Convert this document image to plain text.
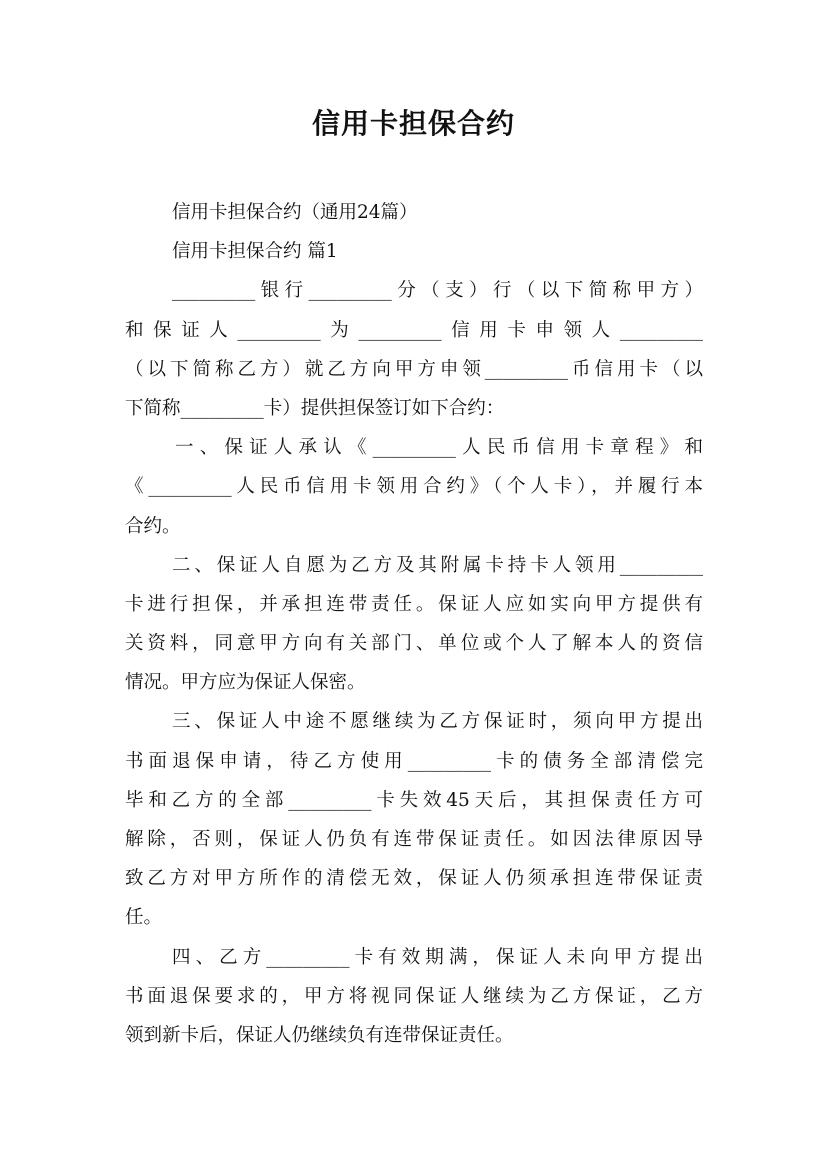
信用卡担保合约
信用卡担保合约（通用24篇）
信用卡担保合约 篇1
_________银行_________分（支）行（以下简称甲方）
和保证人_________为_________信用卡申领人_________
（以下简称乙方）就乙方向甲方申领_________币信用卡（以
下简称_________卡）提供担保签订如下合约：
一、保证人承认《_________人民币信用卡章程》和
《_________人民币信用卡领用合约》（个人卡），并履行本
合约。
二、保证人自愿为乙方及其附属卡持卡人领用_________
卡进行担保，并承担连带责任。保证人应如实向甲方提供有
关资料，同意甲方向有关部门、单位或个人了解本人的资信
情况。甲方应为保证人保密。
三、保证人中途不愿继续为乙方保证时，须向甲方提出
书面退保申请，待乙方使用_________卡的债务全部清偿完
毕和乙方的全部_________卡失效45天后，其担保责任方可
解除，否则，保证人仍负有连带保证责任。如因法律原因导
致乙方对甲方所作的清偿无效，保证人仍须承担连带保证责
任。
四、乙方_________卡有效期满，保证人未向甲方提出
书面退保要求的，甲方将视同保证人继续为乙方保证，乙方
领到新卡后，保证人仍继续负有连带保证责任。
